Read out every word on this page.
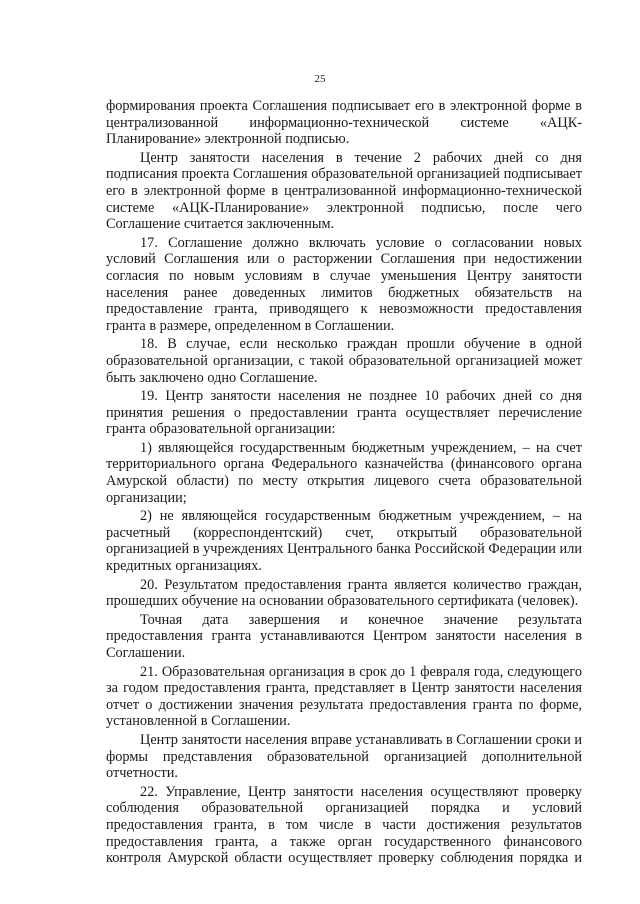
25

формирования проекта Соглашения подписывает его в электронной форме в централизованной информационно-технической системе «АЦК-Планирование» электронной подписью.

Центр занятости населения в течение 2 рабочих дней со дня подписания проекта Соглашения образовательной организацией подписывает его в электронной форме в централизованной информационно-технической системе «АЦК-Планирование» электронной подписью, после чего Соглашение считается заключенным.

17. Соглашение должно включать условие о согласовании новых условий Соглашения или о расторжении Соглашения при недостижении согласия по новым условиям в случае уменьшения Центру занятости населения ранее доведенных лимитов бюджетных обязательств на предоставление гранта, приводящего к невозможности предоставления гранта в размере, определенном в Соглашении.

18. В случае, если несколько граждан прошли обучение в одной образовательной организации, с такой образовательной организацией может быть заключено одно Соглашение.

19. Центр занятости населения не позднее 10 рабочих дней со дня принятия решения о предоставлении гранта осуществляет перечисление гранта образовательной организации:

1) являющейся государственным бюджетным учреждением, – на счет территориального органа Федерального казначейства (финансового органа Амурской области) по месту открытия лицевого счета образовательной организации;

2) не являющейся государственным бюджетным учреждением, – на расчетный (корреспондентский) счет, открытый образовательной организацией в учреждениях Центрального банка Российской Федерации или кредитных организациях.

20. Результатом предоставления гранта является количество граждан, прошедших обучение на основании образовательного сертификата (человек).

Точная дата завершения и конечное значение результата предоставления гранта устанавливаются Центром занятости населения в Соглашении.

21. Образовательная организация в срок до 1 февраля года, следующего за годом предоставления гранта, представляет в Центр занятости населения отчет о достижении значения результата предоставления гранта по форме, установленной в Соглашении.

Центр занятости населения вправе устанавливать в Соглашении сроки и формы представления образовательной организацией дополнительной отчетности.

22. Управление, Центр занятости населения осуществляют проверку соблюдения образовательной организацией порядка и условий предоставления гранта, в том числе в части достижения результатов предоставления гранта, а также орган государственного финансового контроля Амурской области осуществляет проверку соблюдения порядка и
